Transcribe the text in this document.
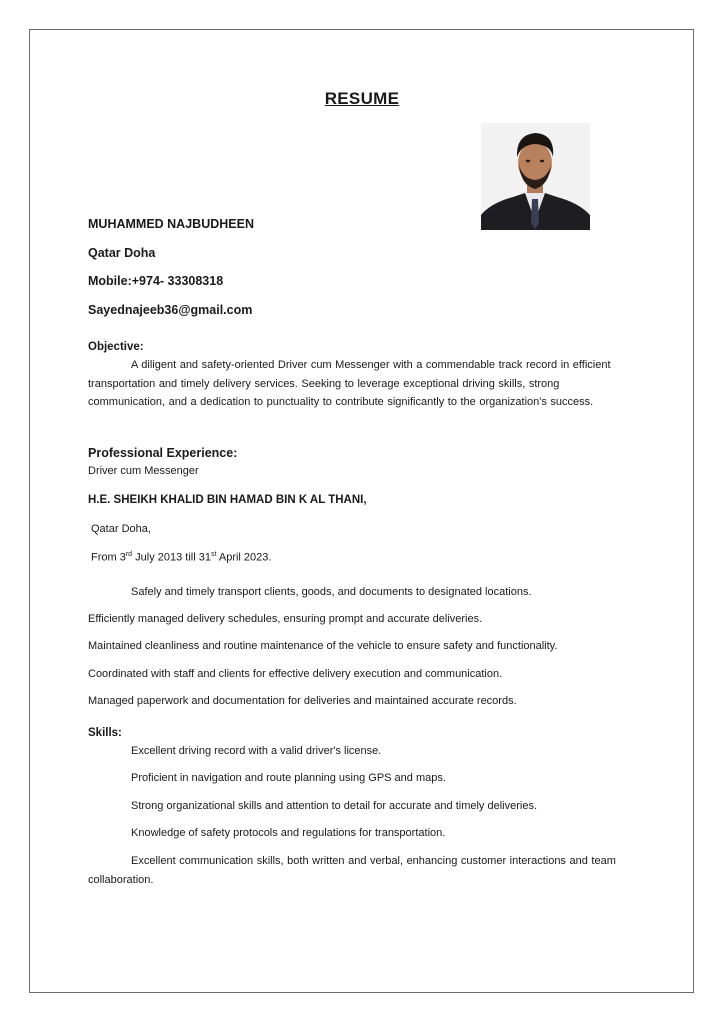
RESUME
MUHAMMED NAJBUDHEEN
Qatar Doha
Mobile:+974- 33308318
Sayednajeeb36@gmail.com
Objective:
A diligent and safety-oriented Driver cum Messenger with a commendable track record in efficient transportation and timely delivery services. Seeking to leverage exceptional driving skills, strong communication, and a dedication to punctuality to contribute significantly to the organization's success.
Professional Experience:
Driver cum Messenger
H.E. SHEIKH KHALID BIN HAMAD BIN K AL THANI,
Qatar Doha,
From 3rd July 2013 till 31st April 2023.
Safely and timely transport clients, goods, and documents to designated locations.
Efficiently managed delivery schedules, ensuring prompt and accurate deliveries.
Maintained cleanliness and routine maintenance of the vehicle to ensure safety and functionality.
Coordinated with staff and clients for effective delivery execution and communication.
Managed paperwork and documentation for deliveries and maintained accurate records.
Skills:
Excellent driving record with a valid driver's license.
Proficient in navigation and route planning using GPS and maps.
Strong organizational skills and attention to detail for accurate and timely deliveries.
Knowledge of safety protocols and regulations for transportation.
Excellent communication skills, both written and verbal, enhancing customer interactions and team collaboration.
